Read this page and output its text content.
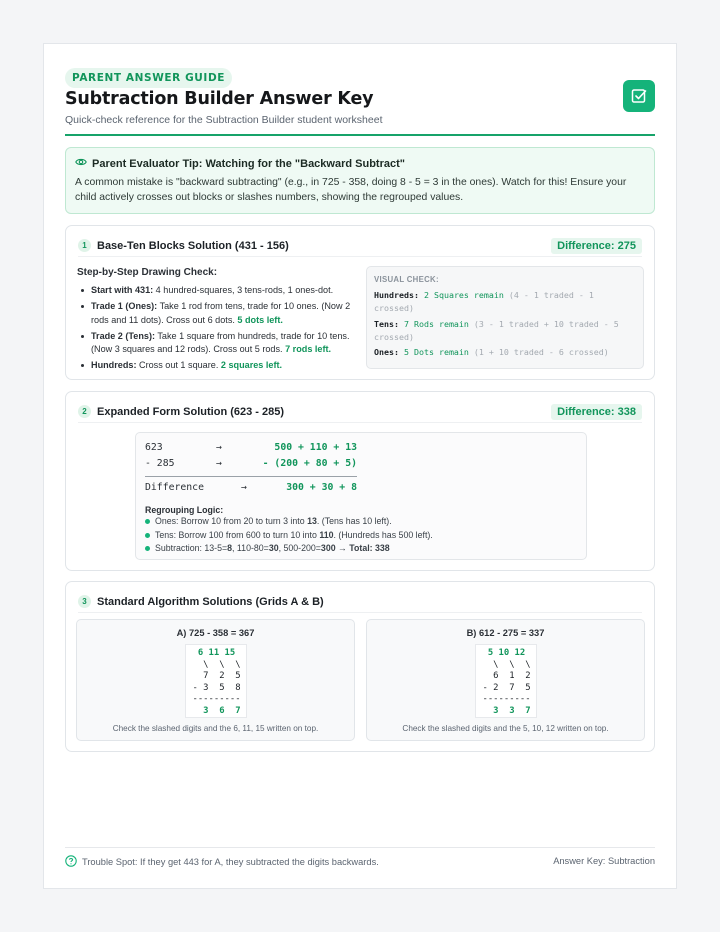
PARENT ANSWER GUIDE
Subtraction Builder Answer Key
Quick-check reference for the Subtraction Builder student worksheet
Parent Evaluator Tip: Watching for the "Backward Subtract"
A common mistake is "backward subtracting" (e.g., in 725 - 358, doing 8 - 5 = 3 in the ones). Watch for this! Ensure your child actively crosses out blocks or slashes numbers, showing the regrouped values.
1 Base-Ten Blocks Solution (431 - 156)	Difference: 275
Step-by-Step Drawing Check:
Start with 431: 4 hundred-squares, 3 tens-rods, 1 ones-dot.
Trade 1 (Ones): Take 1 rod from tens, trade for 10 ones. (Now 2 rods and 11 dots). Cross out 6 dots. 5 dots left.
Trade 2 (Tens): Take 1 square from hundreds, trade for 10 tens. (Now 3 squares and 12 rods). Cross out 5 rods. 7 rods left.
Hundreds: Cross out 1 square. 2 squares left.
VISUAL CHECK:
Hundreds: 2 Squares remain (4 - 1 traded - 1 crossed)
Tens: 7 Rods remain (3 - 1 traded + 10 traded - 5 crossed)
Ones: 5 Dots remain (1 + 10 traded - 6 crossed)
2 Expanded Form Solution (623 - 285)	Difference: 338
623	→	500 + 110 + 13
- 285	→	- (200 + 80 + 5)
Difference	→	300 + 30 + 8
Regrouping Logic:
Ones: Borrow 10 from 20 to turn 3 into 13. (Tens has 10 left).
Tens: Borrow 100 from 600 to turn 10 into 110. (Hundreds has 500 left).
Subtraction: 13-5=8, 110-80=30, 500-200=300 → Total: 338
3 Standard Algorithm Solutions (Grids A & B)
A) 725 - 358 = 367
6 11 15
\  \  \
7  2  5
- 3  5  8
---------
3  6  7
Check the slashed digits and the 6, 11, 15 written on top.
B) 612 - 275 = 337
5 10 12
\  \  \
6  1  2
- 2  7  5
---------
3  3  7
Check the slashed digits and the 5, 10, 12 written on top.
Trouble Spot: If they get 443 for A, they subtracted the digits backwards.	Answer Key: Subtraction
